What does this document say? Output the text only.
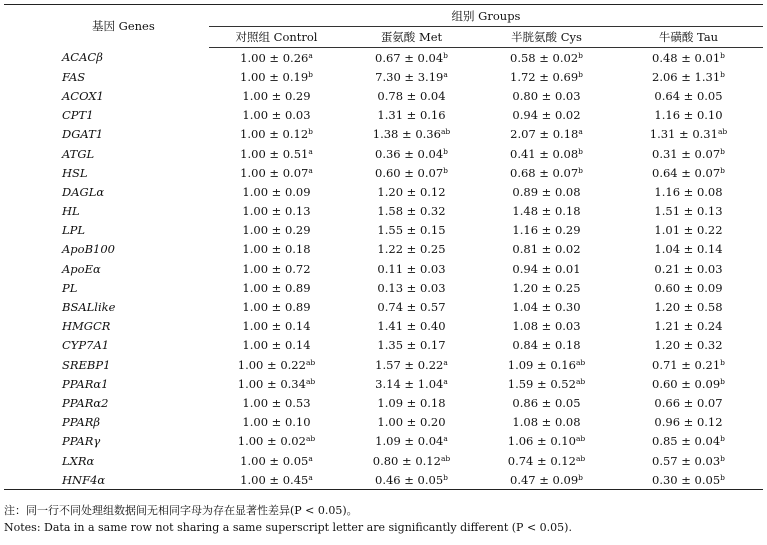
基因 Genes	组别 Groups			
	对照组 Control	蛋氨酸 Met	半胱氨酸 Cys	牛磺酸 Tau
ACACβ	1.00 ± 0.26$^a$	0.67 ± 0.04$^b$	0.58 ± 0.02$^b$	0.48 ± 0.01$^b$
FAS	1.00 ± 0.19$^b$	7.30 ± 3.19$^a$	1.72 ± 0.69$^b$	2.06 ± 1.31$^b$
ACOX1	1.00 ± 0.29	0.78 ± 0.04	0.80 ± 0.03	0.64 ± 0.05
CPT1	1.00 ± 0.03	1.31 ± 0.16	0.94 ± 0.02	1.16 ± 0.10
DGAT1	1.00 ± 0.12$^b$	1.38 ± 0.36$^{ab}$	2.07 ± 0.18$^a$	1.31 ± 0.31$^{ab}$
ATGL	1.00 ± 0.51$^a$	0.36 ± 0.04$^b$	0.41 ± 0.08$^b$	0.31 ± 0.07$^b$
HSL	1.00 ± 0.07$^a$	0.60 ± 0.07$^b$	0.68 ± 0.07$^b$	0.64 ± 0.07$^b$
DAGLα	1.00 ± 0.09	1.20 ± 0.12	0.89 ± 0.08	1.16 ± 0.08
HL	1.00 ± 0.13	1.58 ± 0.32	1.48 ± 0.18	1.51 ± 0.13
LPL	1.00 ± 0.29	1.55 ± 0.15	1.16 ± 0.29	1.01 ± 0.22
ApoB100	1.00 ± 0.18	1.22 ± 0.25	0.81 ± 0.02	1.04 ± 0.14
ApoEα	1.00 ± 0.72	0.11 ± 0.03	0.94 ± 0.01	0.21 ± 0.03
PL	1.00 ± 0.89	0.13 ± 0.03	1.20 ± 0.25	0.60 ± 0.09
BSALlike	1.00 ± 0.89	0.74 ± 0.57	1.04 ± 0.30	1.20 ± 0.58
HMGCR	1.00 ± 0.14	1.41 ± 0.40	1.08 ± 0.03	1.21 ± 0.24
CYP7A1	1.00 ± 0.14	1.35 ± 0.17	0.84 ± 0.18	1.20 ± 0.32
SREBP1	1.00 ± 0.22$^{ab}$	1.57 ± 0.22$^a$	1.09 ± 0.16$^{ab}$	0.71 ± 0.21$^b$
PPARα1	1.00 ± 0.34$^{ab}$	3.14 ± 1.04$^a$	1.59 ± 0.52$^{ab}$	0.60 ± 0.09$^b$
PPARα2	1.00 ± 0.53	1.09 ± 0.18	0.86 ± 0.05	0.66 ± 0.07
PPARβ	1.00 ± 0.10	1.00 ± 0.20	1.08 ± 0.08	0.96 ± 0.12
PPARγ	1.00 ± 0.02$^{ab}$	1.09 ± 0.04$^a$	1.06 ± 0.10$^{ab}$	0.85 ± 0.04$^b$
LXRα	1.00 ± 0.05$^a$	0.80 ± 0.12$^{ab}$	0.74 ± 0.12$^{ab}$	0.57 ± 0.03$^b$
HNF4α	1.00 ± 0.45$^a$	0.46 ± 0.05$^b$	0.47 ± 0.09$^b$	0.30 ± 0.05$^b$
注：同一行不同处理组数据间无相同字母为存在显著性差异(P < 0.05)。
Notes: Data in a same row not sharing a same superscript letter are significantly different (P < 0.05).
